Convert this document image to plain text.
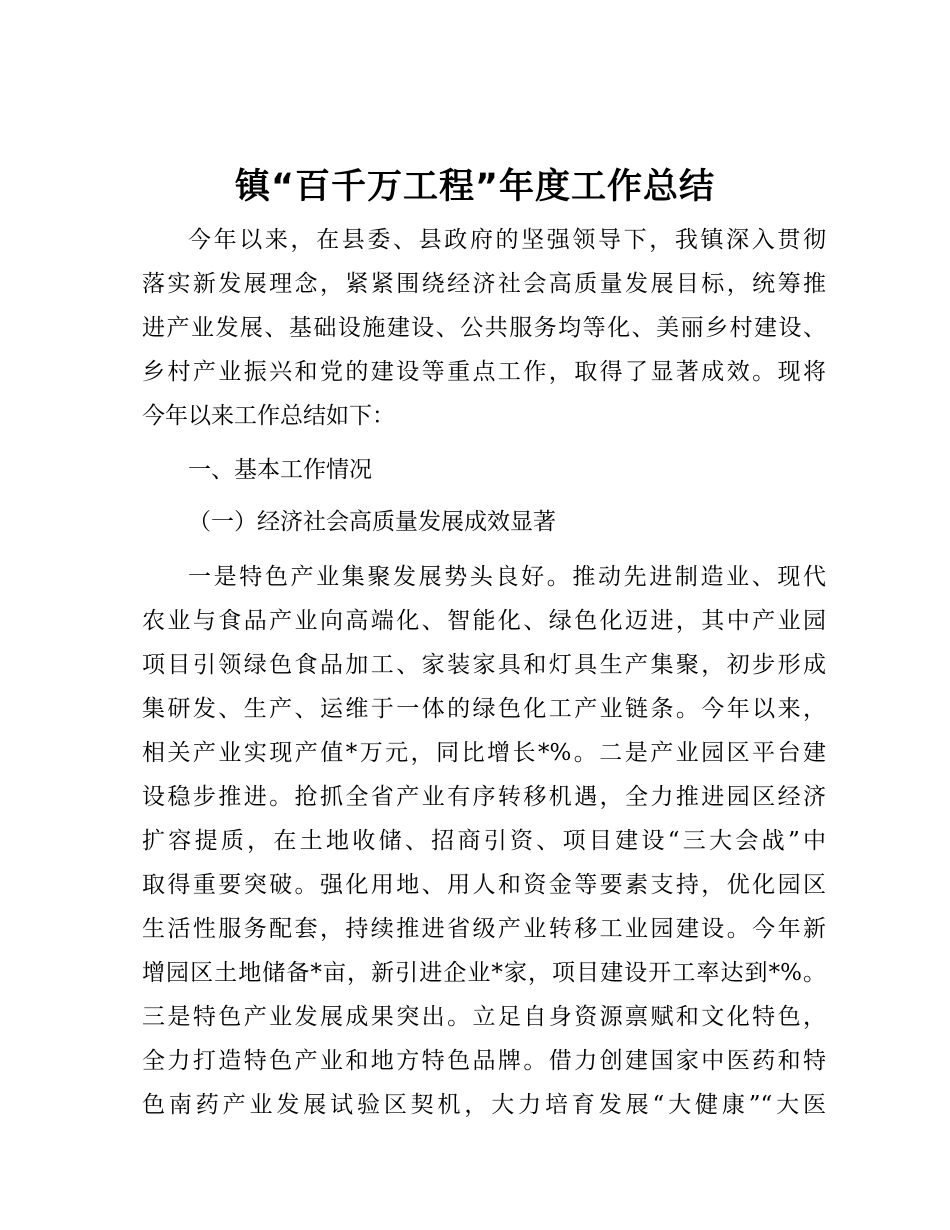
镇“百千万工程”年度工作总结
今年以来，在县委、县政府的坚强领导下，我镇深入贯彻
落实新发展理念，紧紧围绕经济社会高质量发展目标，统筹推
进产业发展、基础设施建设、公共服务均等化、美丽乡村建设、
乡村产业振兴和党的建设等重点工作，取得了显著成效。现将
今年以来工作总结如下：
一、基本工作情况
（一）经济社会高质量发展成效显著
一是特色产业集聚发展势头良好。推动先进制造业、现代
农业与食品产业向高端化、智能化、绿色化迈进，其中产业园
项目引领绿色食品加工、家装家具和灯具生产集聚，初步形成
集研发、生产、运维于一体的绿色化工产业链条。今年以来，
相关产业实现产值*万元，同比增长*%。二是产业园区平台建
设稳步推进。抢抓全省产业有序转移机遇，全力推进园区经济
扩容提质，在土地收储、招商引资、项目建设“三大会战”中
取得重要突破。强化用地、用人和资金等要素支持，优化园区
生活性服务配套，持续推进省级产业转移工业园建设。今年新
增园区土地储备*亩，新引进企业*家，项目建设开工率达到*%。
三是特色产业发展成果突出。立足自身资源禀赋和文化特色，
全力打造特色产业和地方特色品牌。借力创建国家中医药和特
色南药产业发展试验区契机，大力培育发展“大健康”“大医
